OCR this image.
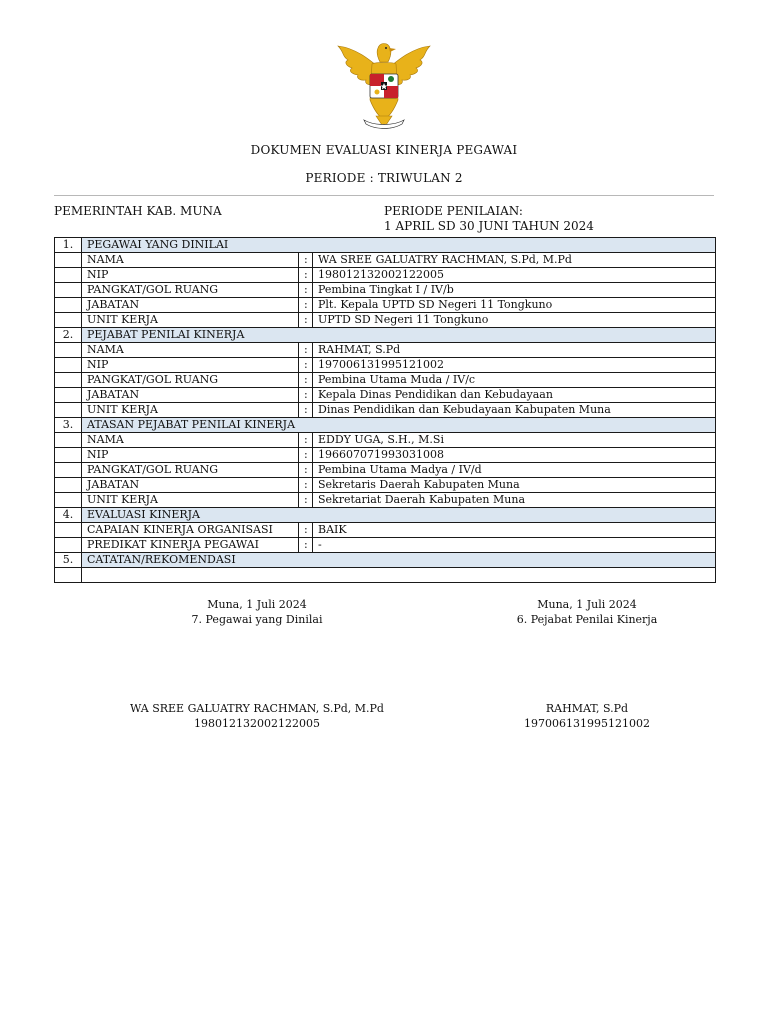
DOKUMEN EVALUASI KINERJA PEGAWAI
PERIODE : TRIWULAN 2
PEMERINTAH KAB. MUNA	PERIODE PENILAIAN:
1 APRIL SD 30 JUNI TAHUN 2024
1.	PEGAWAI YANG DINILAI		
	NAMA	:	WA SREE GALUATRY RACHMAN, S.Pd, M.Pd
	NIP	:	198012132002122005
	PANGKAT/GOL RUANG	:	Pembina Tingkat I / IV/b
	JABATAN	:	Plt. Kepala UPTD SD Negeri 11 Tongkuno
	UNIT KERJA	:	UPTD SD Negeri 11 Tongkuno
2.	PEJABAT PENILAI KINERJA		
	NAMA	:	RAHMAT, S.Pd
	NIP	:	197006131995121002
	PANGKAT/GOL RUANG	:	Pembina Utama Muda / IV/c
	JABATAN	:	Kepala Dinas Pendidikan dan Kebudayaan
	UNIT KERJA	:	Dinas Pendidikan dan Kebudayaan Kabupaten Muna
3.	ATASAN PEJABAT PENILAI KINERJA		
	NAMA	:	EDDY UGA, S.H., M.Si
	NIP	:	196607071993031008
	PANGKAT/GOL RUANG	:	Pembina Utama Madya / IV/d
	JABATAN	:	Sekretaris Daerah Kabupaten Muna
	UNIT KERJA	:	Sekretariat Daerah Kabupaten Muna
4.	EVALUASI KINERJA		
	CAPAIAN KINERJA ORGANISASI	:	BAIK
	PREDIKAT KINERJA PEGAWAI	:	-
5.	CATATAN/REKOMENDASI		

Muna, 1 Juli 2024
7. Pegawai yang Dinilai
Muna, 1 Juli 2024
6. Pejabat Penilai Kinerja
WA SREE GALUATRY RACHMAN, S.Pd, M.Pd
198012132002122005
RAHMAT, S.Pd
197006131995121002
